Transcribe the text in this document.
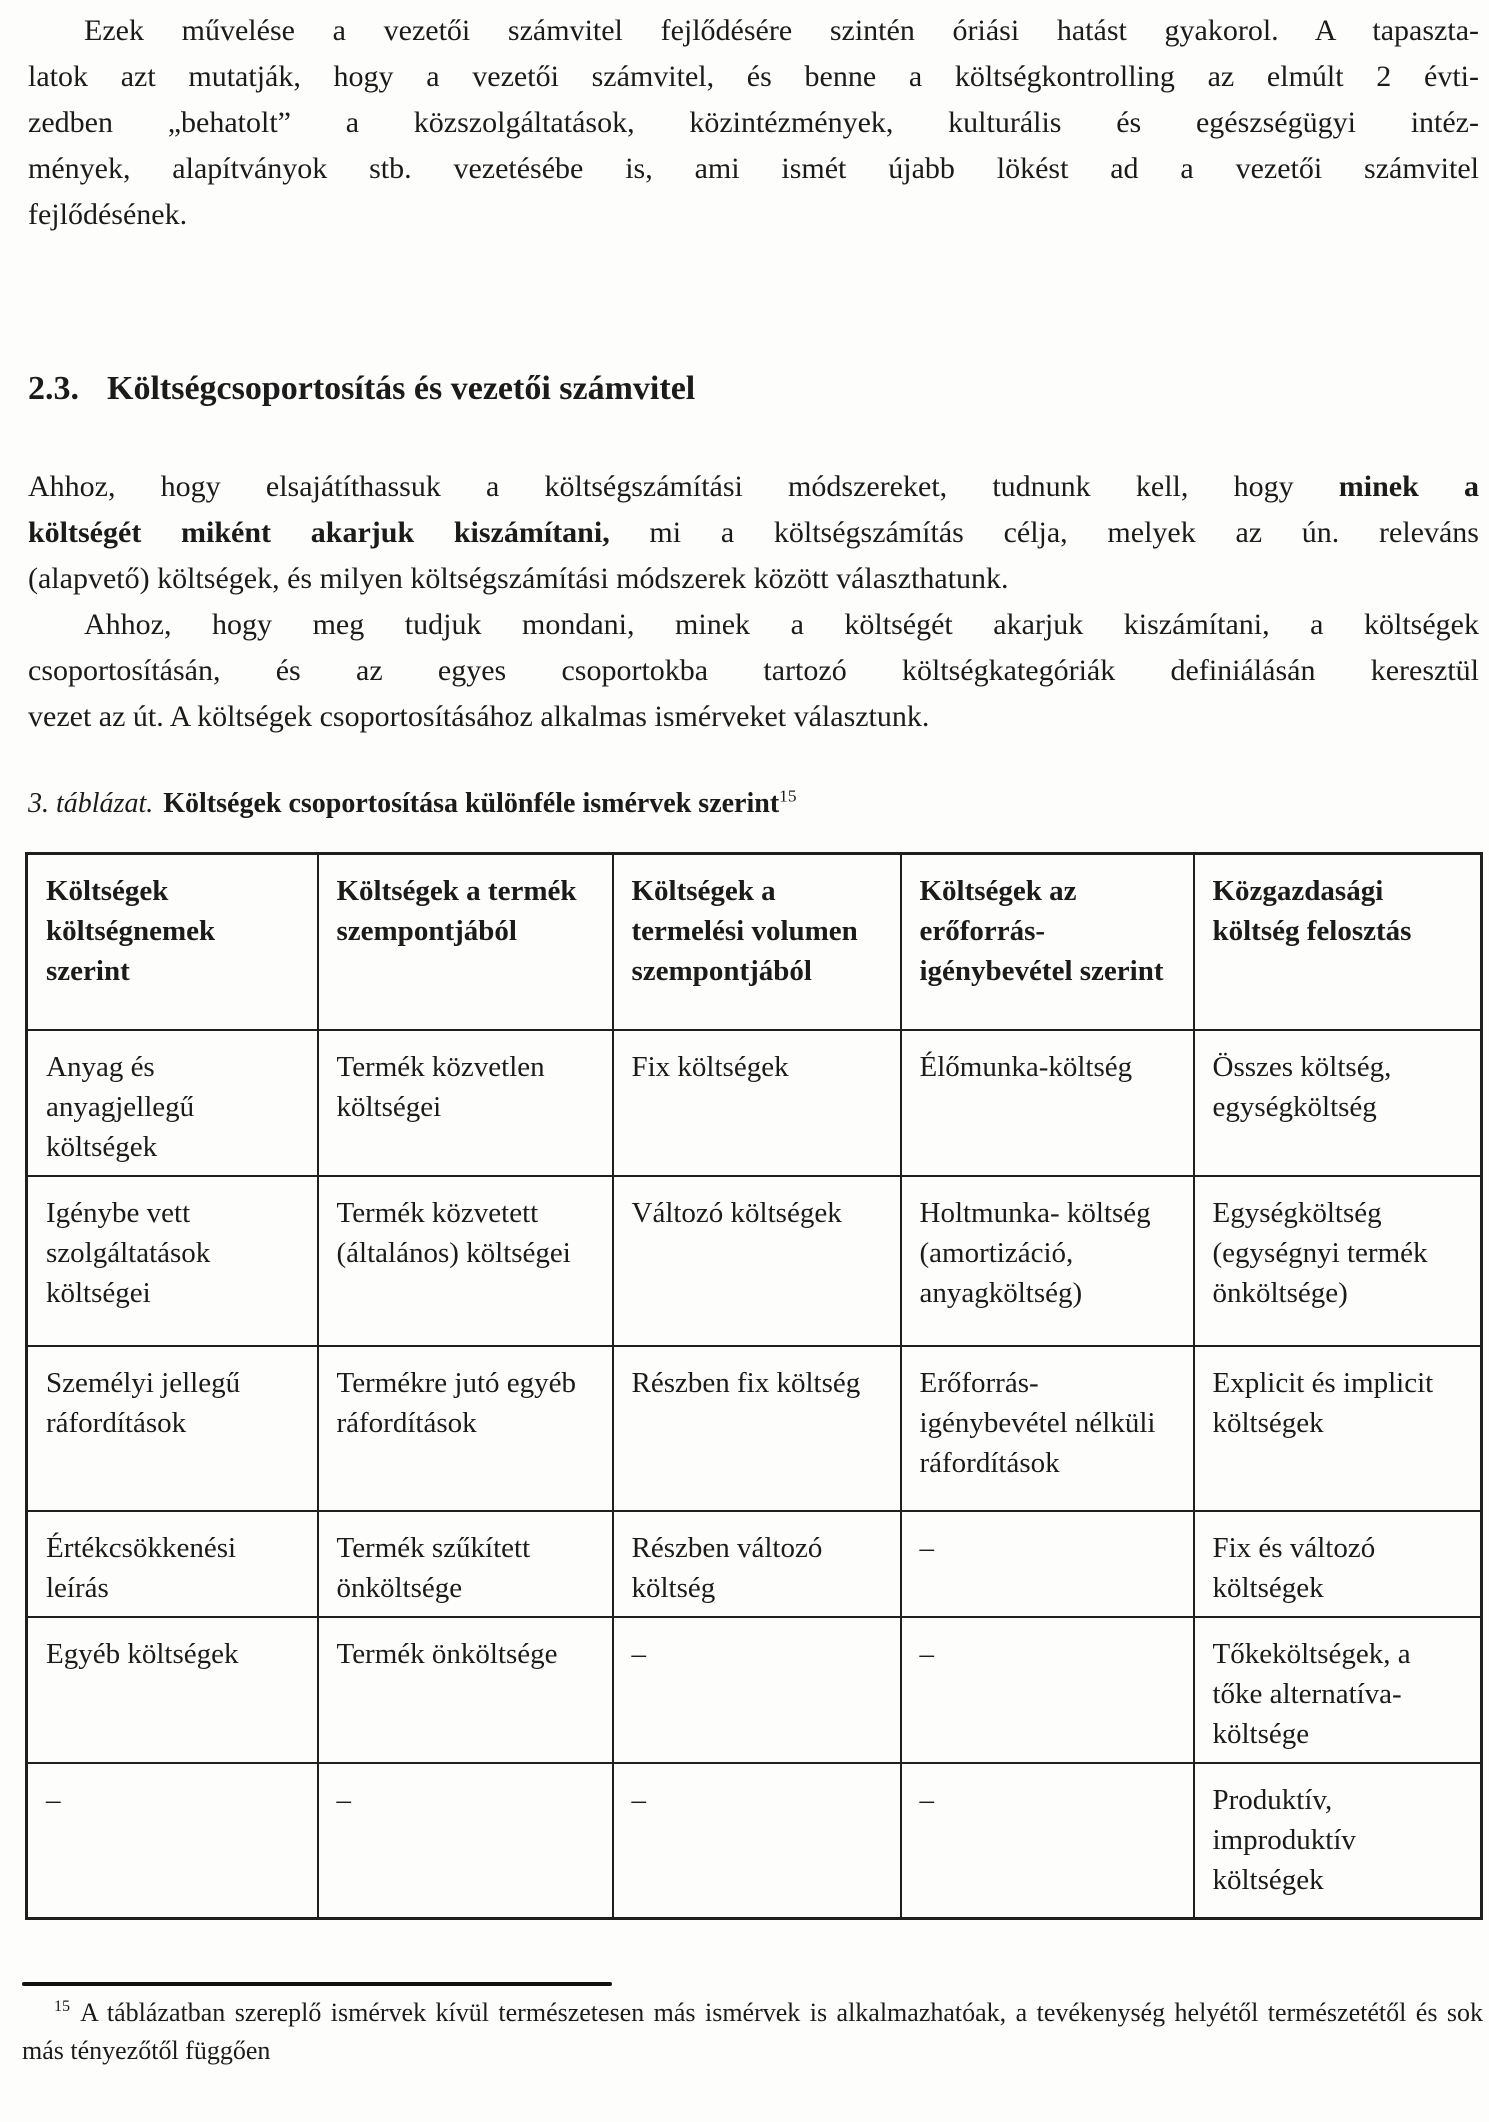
Ezek művelése a vezetői számvitel fejlődésére szintén óriási hatást gyakorol. A tapaszta-
latok azt mutatják, hogy a vezetői számvitel, és benne a költségkontrolling az elmúlt 2 évti-
zedben „behatolt” a közszolgáltatások, közintézmények, kulturális és egészségügyi intéz-
mények, alapítványok stb. vezetésébe is, ami ismét újabb lökést ad a vezetői számvitel
fejlődésének.
2.3. Költségcsoportosítás és vezetői számvitel
Ahhoz, hogy elsajátíthassuk a költségszámítási módszereket, tudnunk kell, hogy minek a
költségét miként akarjuk kiszámítani, mi a költségszámítás célja, melyek az ún. releváns
(alapvető) költségek, és milyen költségszámítási módszerek között választhatunk.
Ahhoz, hogy meg tudjuk mondani, minek a költségét akarjuk kiszámítani, a költségek
csoportosításán, és az egyes csoportokba tartozó költségkategóriák definiálásán keresztül
vezet az út. A költségek csoportosításához alkalmas ismérveket választunk.
3. táblázat. Költségek csoportosítása különféle ismérvek szerint$^{15}$
Költségek költségnemek szerint	Költségek a termék szempontjából	Költségek a termelési volumen szempontjából	Költségek az erőforrás- igénybevétel szerint	Közgazdasági költség felosztás
Anyag és anyagjellegű költségek	Termék közvetlen költségei	Fix költségek	Élőmunka-költség	Összes költség, egységköltség
Igénybe vett szolgáltatások költségei	Termék közvetett (általános) költségei	Változó költségek	Holtmunka- költség (amortizáció, anyagköltség)	Egységköltség (egységnyi termék önköltsége)
Személyi jellegű ráfordítások	Termékre jutó egyéb ráfordítások	Részben fix költség	Erőforrás- igénybevétel nélküli ráfordítások	Explicit és implicit költségek
Értékcsökkenési leírás	Termék szűkített önköltsége	Részben változó költség	–	Fix és változó költségek
Egyéb költségek	Termék önköltsége	–	–	Tőkeköltségek, a tőke alternatíva- költsége
–	–	–	–	Produktív, improduktív költségek
$^{15}$ A táblázatban szereplő ismérvek kívül természetesen más ismérvek is alkalmazhatóak, a tevékenység helyétől természetétől és sok más tényezőtől függően
